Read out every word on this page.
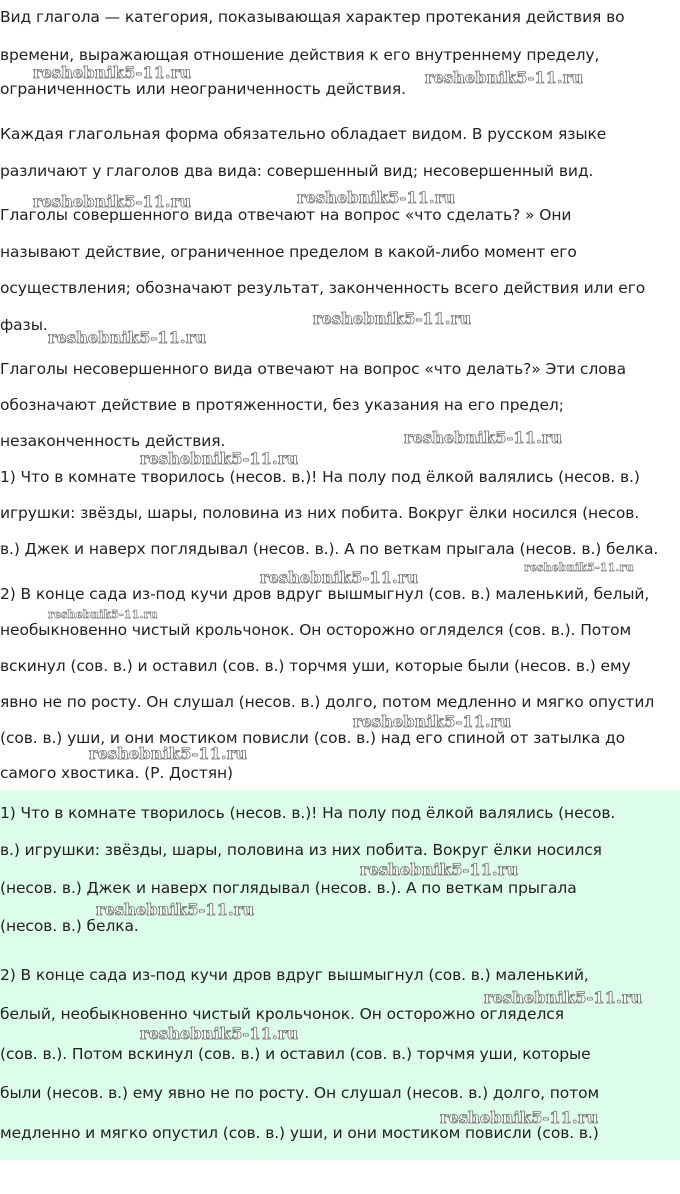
Вид глагола — категория, показывающая характер протекания действия во
времени, выражающая отношение действия к его внутреннему пределу,
ограниченность или неограниченность действия.
Каждая глагольная форма обязательно обладает видом. В русском языке
различают у глаголов два вида: совершенный вид; несовершенный вид.
Глаголы совершенного вида отвечают на вопрос «что сделать? » Они
называют действие, ограниченное пределом в какой-либо момент его
осуществления; обозначают результат, законченность всего действия или его
фазы.
Глаголы несовершенного вида отвечают на вопрос «что делать?» Эти слова
обозначают действие в протяженности, без указания на его предел;
незаконченность действия.
1) Что в комнате творилось (несов. в.)! На полу под ёлкой валялись (несов. в.)
игрушки: звёзды, шары, половина из них побита. Вокруг ёлки носился (несов.
в.) Джек и наверх поглядывал (несов. в.). А по веткам прыгала (несов. в.) белка.
2) В конце сада из-под кучи дров вдруг вышмыгнул (сов. в.) маленький, белый,
необыкновенно чистый крольчонок. Он осторожно огляделся (сов. в.). Потом
вскинул (сов. в.) и оставил (сов. в.) торчмя уши, которые были (несов. в.) ему
явно не по росту. Он слушал (несов. в.) долго, потом медленно и мягко опустил
(сов. в.) уши, и они мостиком повисли (сов. в.) над его спиной от затылка до
самого хвостика. (Р. Достян)
1) Что в комнате творилось (несов. в.)! На полу под ёлкой валялись (несов.
в.) игрушки: звёзды, шары, половина из них побита. Вокруг ёлки носился
(несов. в.) Джек и наверх поглядывал (несов. в.). А по веткам прыгала
(несов. в.) белка.
2) В конце сада из-под кучи дров вдруг вышмыгнул (сов. в.) маленький,
белый, необыкновенно чистый крольчонок. Он осторожно огляделся
(сов. в.). Потом вскинул (сов. в.) и оставил (сов. в.) торчмя уши, которые
были (несов. в.) ему явно не по росту. Он слушал (несов. в.) долго, потом
медленно и мягко опустил (сов. в.) уши, и они мостиком повисли (сов. в.)
reshebnik5-11.ru	reshebnik5-11.ru
reshebnik5-11.ru	reshebnik5-11.ru
reshebnik5-11.ru
reshebnik5-11.ru
reshebnik5-11.ru
reshebnik5-11.ru
reshebnik5-11.ru
reshebnik5-11.ru
reshebnik5-11.ru
reshebnik5-11.ru
reshebnik5-11.ru
reshebnik5-11.ru
reshebnik5-11.ru
reshebnik5-11.ru
reshebnik5-11.ru
reshebnik5-11.ru
